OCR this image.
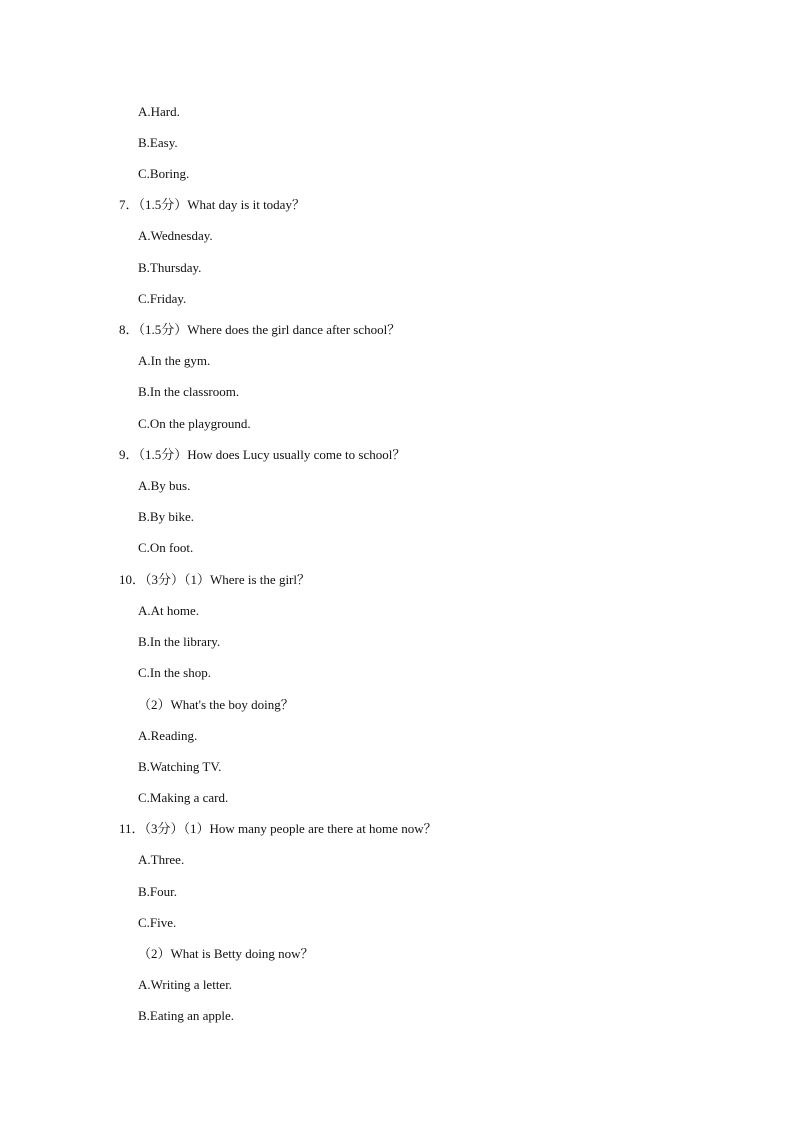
A.Hard.
B.Easy.
C.Boring.
7．（1.5分）What day is it today？
A.Wednesday.
B.Thursday.
C.Friday.
8．（1.5分）Where does the girl dance after school？
A.In the gym.
B.In the classroom.
C.On the playground.
9．（1.5分）How does Lucy usually come to school？
A.By bus.
B.By bike.
C.On foot.
10．（3分）（1）Where is the girl？
A.At home.
B.In the library.
C.In the shop.
（2）What's the boy doing？
A.Reading.
B.Watching TV.
C.Making a card.
11．（3分）（1）How many people are there at home now？
A.Three.
B.Four.
C.Five.
（2）What is Betty doing now？
A.Writing a letter.
B.Eating an apple.
